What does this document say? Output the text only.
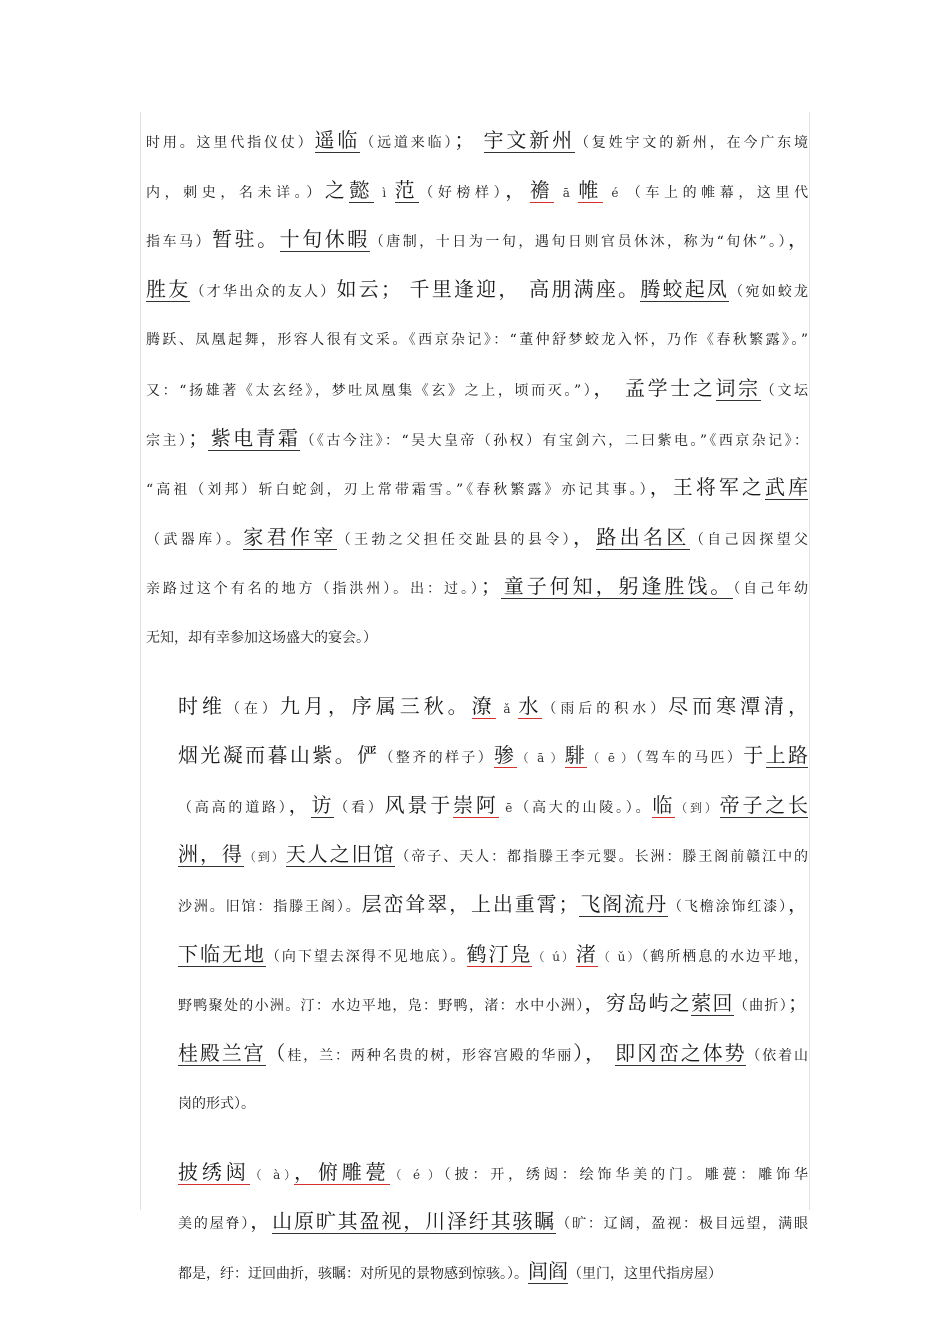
时用。这里代指仪仗）遥临（远道来临）； 宇文新州（复姓宇文的新州，在今广东境
内，刺史，名未详。）之懿 ì 范（好榜样），襜 ā 帷 é （车上的帷幕，这里代
指车马）暂驻。十旬休暇（唐制，十日为一旬，遇旬日则官员休沐，称为“旬休”。），
胜友（才华出众的友人）如云； 千里逢迎， 高朋满座。腾蛟起凤（宛如蛟龙
腾跃、凤凰起舞，形容人很有文采。《西京杂记》：“董仲舒梦蛟龙入怀，乃作《春秋繁露》。”
又：“扬雄著《太玄经》，梦吐凤凰集《玄》之上，顷而灭。”）， 孟学士之词宗（文坛
宗主）；紫电青霜（《古今注》：“吴大皇帝（孙权）有宝剑六，二曰紫电。”《西京杂记》：
“高祖（刘邦）斩白蛇剑，刃上常带霜雪。”《春秋繁露》亦记其事。），王将军之武库
（武器库）。家君作宰（王勃之父担任交趾县的县令），路出名区（自己因探望父
亲路过这个有名的地方（指洪州）。出：过。）；童子何知，躬逢胜饯。（自己年幼
无知，却有幸参加这场盛大的宴会。）
时维（在）九月，序属三秋。潦 ǎ 水（雨后的积水）尽而寒潭清，
烟光凝而暮山紫。俨（整齐的样子）骖（ ā ）騑（ ē ）（驾车的马匹）于上路
（高高的道路），访（看）风景于崇阿 ē（高大的山陵。）。临（到）帝子之长
洲，得（到）天人之旧馆（帝子、天人：都指滕王李元婴。长洲：滕王阁前赣江中的
沙洲。旧馆：指滕王阁）。层峦耸翠，上出重霄；飞阁流丹（飞檐涂饰红漆），
下临无地（向下望去深得不见地底）。鹤汀凫（ ú）渚（ ǔ）（鹤所栖息的水边平地，
野鸭聚处的小洲。汀：水边平地，凫：野鸭，渚：水中小洲），穷岛屿之萦回（曲折）；
桂殿兰宫（桂，兰：两种名贵的树，形容宫殿的华丽）， 即冈峦之体势（依着山
岗的形式）。
披绣闼（ à），俯雕甍（ é ）（披：开，绣闼：绘饰华美的门。雕甍：雕饰华
美的屋脊），山原旷其盈视，川泽纡其骇瞩（旷：辽阔，盈视：极目远望，满眼
都是，纡：迂回曲折，骇瞩：对所见的景物感到惊骇。）。闾阎（里门，这里代指房屋）
